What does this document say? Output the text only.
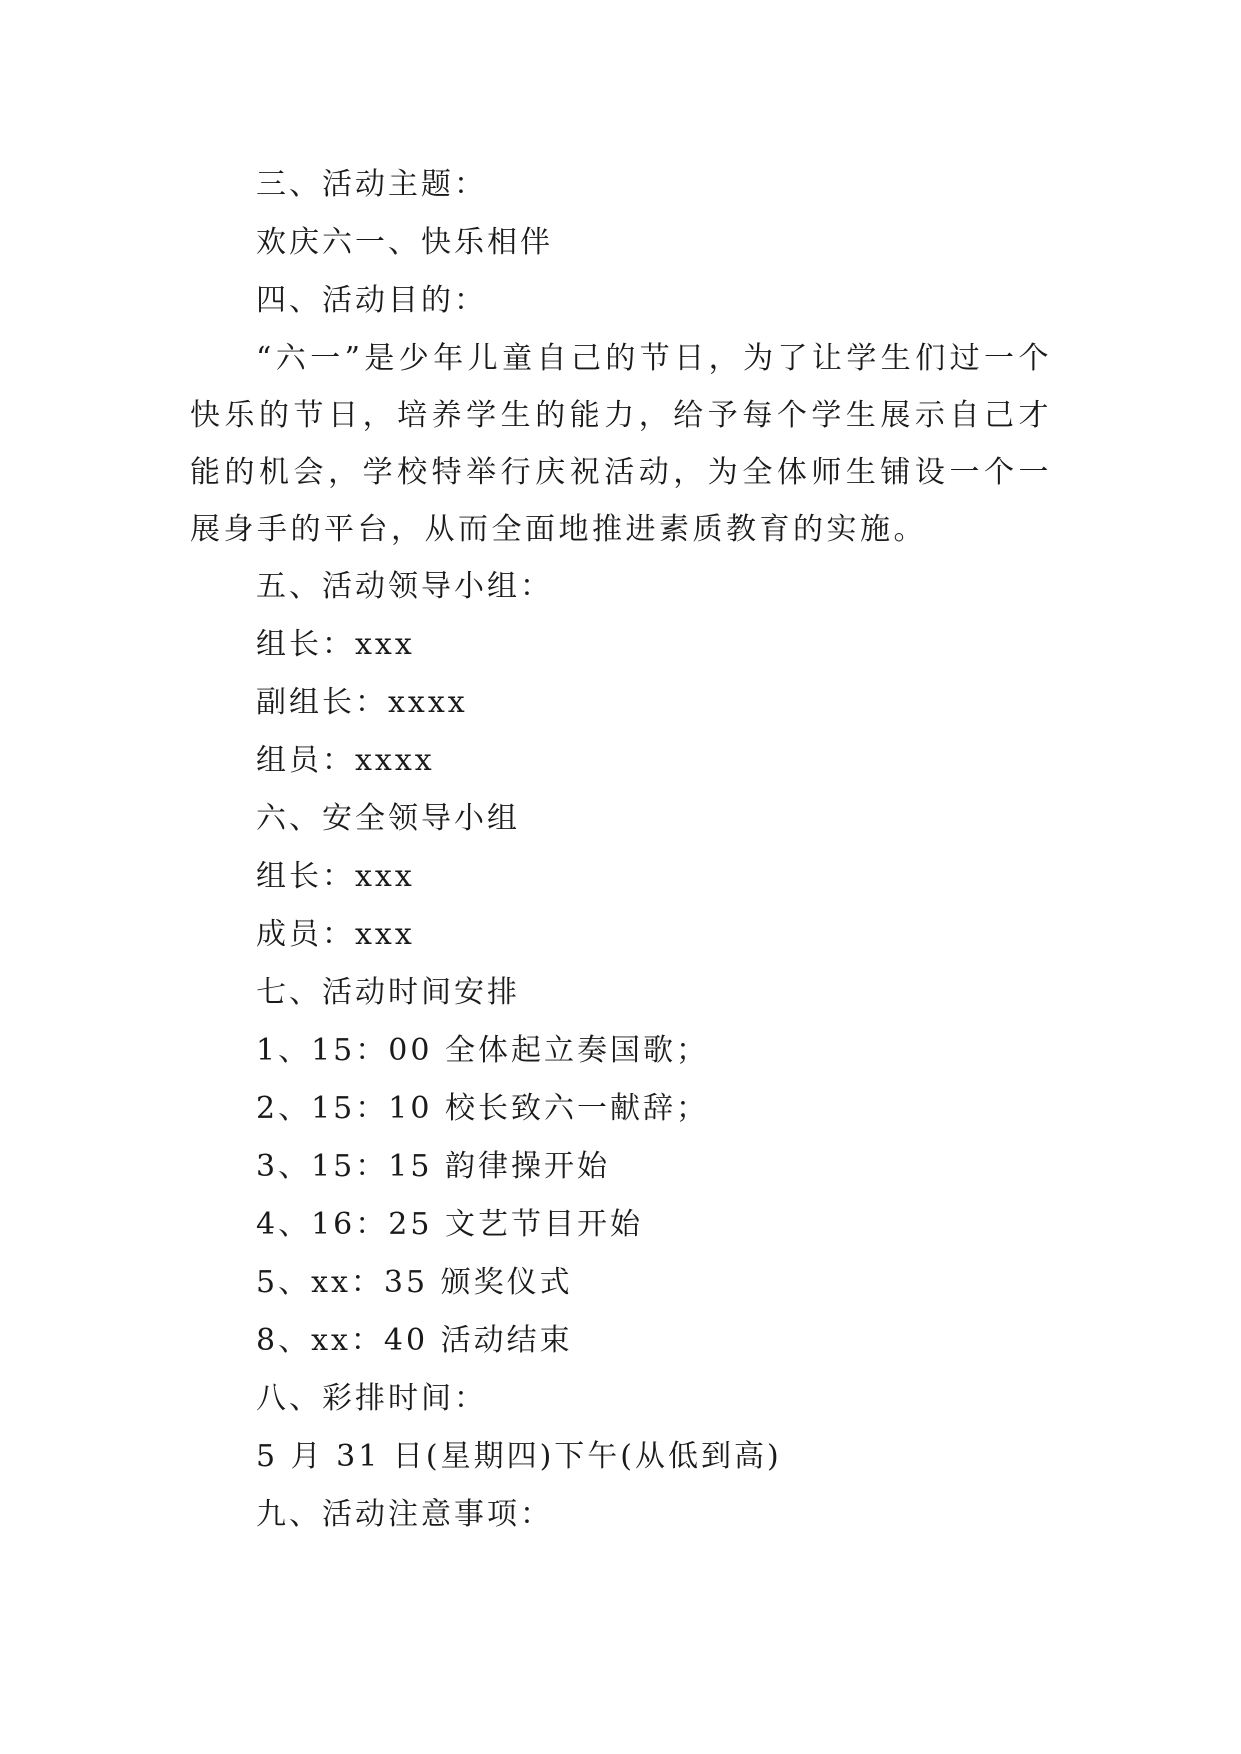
三、活动主题：
欢庆六一、快乐相伴
四、活动目的：

“六一”是少年儿童自己的节日，为了让学生们过一个快乐的节日，培养学生的能力，给予每个学生展示自己才能的机会，学校特举行庆祝活动，为全体师生铺设一个一展身手的平台，从而全面地推进素质教育的实施。

五、活动领导小组：
组长：xxx
副组长：xxxx
组员：xxxx
六、安全领导小组
组长：xxx
成员：xxx
七、活动时间安排
1、15：00 全体起立奏国歌；
2、15：10 校长致六一献辞；
3、15：15 韵律操开始
4、16：25 文艺节目开始
5、xx：35 颁奖仪式
8、xx：40 活动结束
八、彩排时间：
5 月 31 日(星期四)下午(从低到高)
九、活动注意事项：
